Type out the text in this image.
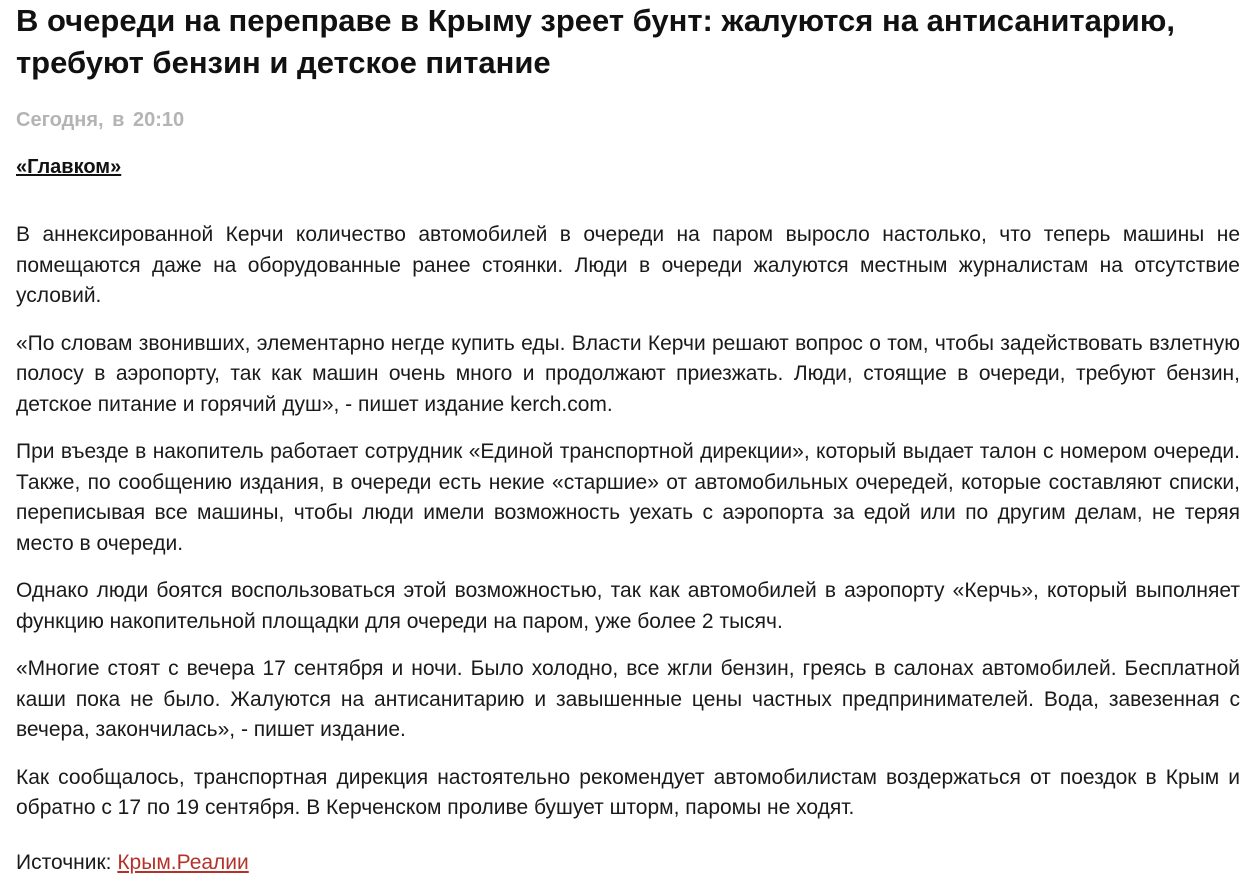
В очереди на переправе в Крыму зреет бунт: жалуются на антисанитарию, требуют бензин и детское питание
Сегодня, в 20:10
«Главком»

В аннексированной Керчи количество автомобилей в очереди на паром выросло настолько, что теперь машины не помещаются даже на оборудованные ранее стоянки. Люди в очереди жалуются местным журналистам на отсутствие условий.

«По словам звонивших, элементарно негде купить еды. Власти Керчи решают вопрос о том, чтобы задействовать взлетную полосу в аэропорту, так как машин очень много и продолжают приезжать. Люди, стоящие в очереди, требуют бензин, детское питание и горячий душ», - пишет издание kerch.com.

При въезде в накопитель работает сотрудник «Единой транспортной дирекции», который выдает талон с номером очереди. Также, по сообщению издания, в очереди есть некие «старшие» от автомобильных очередей, которые составляют списки, переписывая все машины, чтобы люди имели возможность уехать с аэропорта за едой или по другим делам, не теряя место в очереди.

Однако люди боятся воспользоваться этой возможностью, так как автомобилей в аэропорту «Керчь», который выполняет функцию накопительной площадки для очереди на паром, уже более 2 тысяч.

«Многие стоят с вечера 17 сентября и ночи. Было холодно, все жгли бензин, греясь в салонах автомобилей. Бесплатной каши пока не было. Жалуются на антисанитарию и завышенные цены частных предпринимателей. Вода, завезенная с вечера, закончилась», - пишет издание.

Как сообщалось, транспортная дирекция настоятельно рекомендует автомобилистам воздержаться от поездок в Крым и обратно с 17 по 19 сентября. В Керченском проливе бушует шторм, паромы не ходят.

Источник: Крым.Реалии
